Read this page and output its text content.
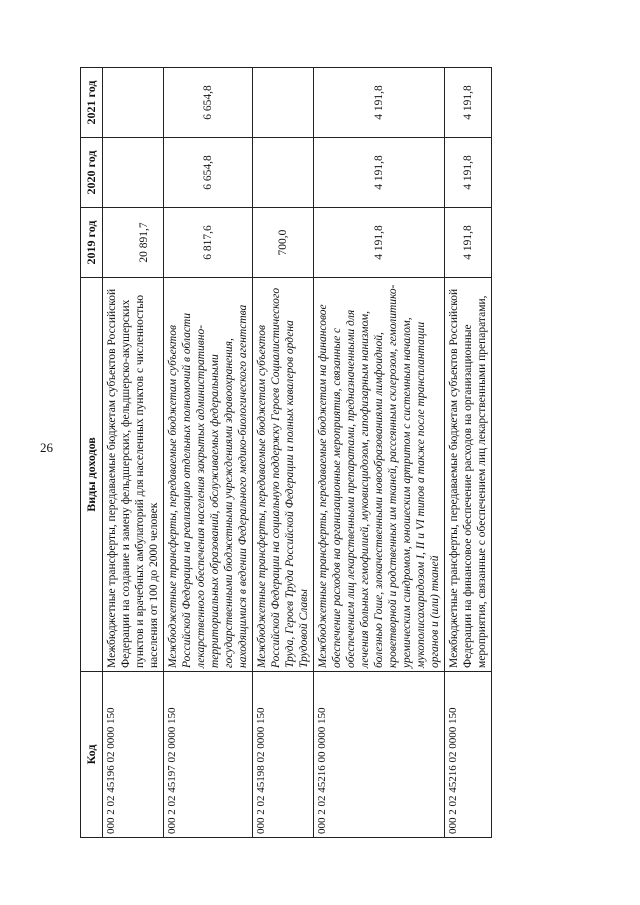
26
Код	Виды доходов	2019 год	2020 год	2021 год
000 2 02 45196 02 0000 150	Межбюджетные трансферты, передаваемые бюджетам субъектов Российской Федерации на создание и замену фельдшерских, фельдшерско-акушерских пунктов и врачебных амбулаторий для населенных пунктов с численностью населения от 100 до 2000 человек	20 891,7		
000 2 02 45197 02 0000 150	Межбюджетные трансферты, передаваемые бюджетам субъектов Российской Федерации на реализацию отдельных полномочий в области лекарственного обеспечения населения закрытых административно-территориальных образований, обслуживаемых федеральными государственными бюджетными учреждениями здравоохранения, находящимися в ведении Федерального медико-биологического агентства	6 817,6	6 654,8	6 654,8
000 2 02 45198 02 0000 150	Межбюджетные трансферты, передаваемые бюджетам субъектов Российской Федерации на социальную поддержку Героев Социалистического Труда, Героев Труда Российской Федерации и полных кавалеров ордена Трудовой Славы	700,0		
000 2 02 45216 00 0000 150	Межбюджетные трансферты, передаваемые бюджетам на финансовое обеспечение расходов на организационные мероприятия, связанные с обеспечением лиц лекарственными препаратами, предназначенными для лечения больных гемофилией, муковисцидозом, гипофизарным нанизмом, болезнью Гоше, злокачественными новообразованиями лимфоидной, кроветворной и родственных им тканей, рассеянным склерозом, гемолитико-уремическим синдромом, юношеским артритом с системным началом, мукополисахаридозом I, II и VI типов а также после трансплантации органов и (или) тканей	4 191,8	4 191,8	4 191,8
000 2 02 45216 02 0000 150	Межбюджетные трансферты, передаваемые бюджетам субъектов Российской Федерации на финансовое обеспечение расходов на организационные мероприятия, связанные с обеспечением лиц лекарственными препаратами,	4 191,8	4 191,8	4 191,8
